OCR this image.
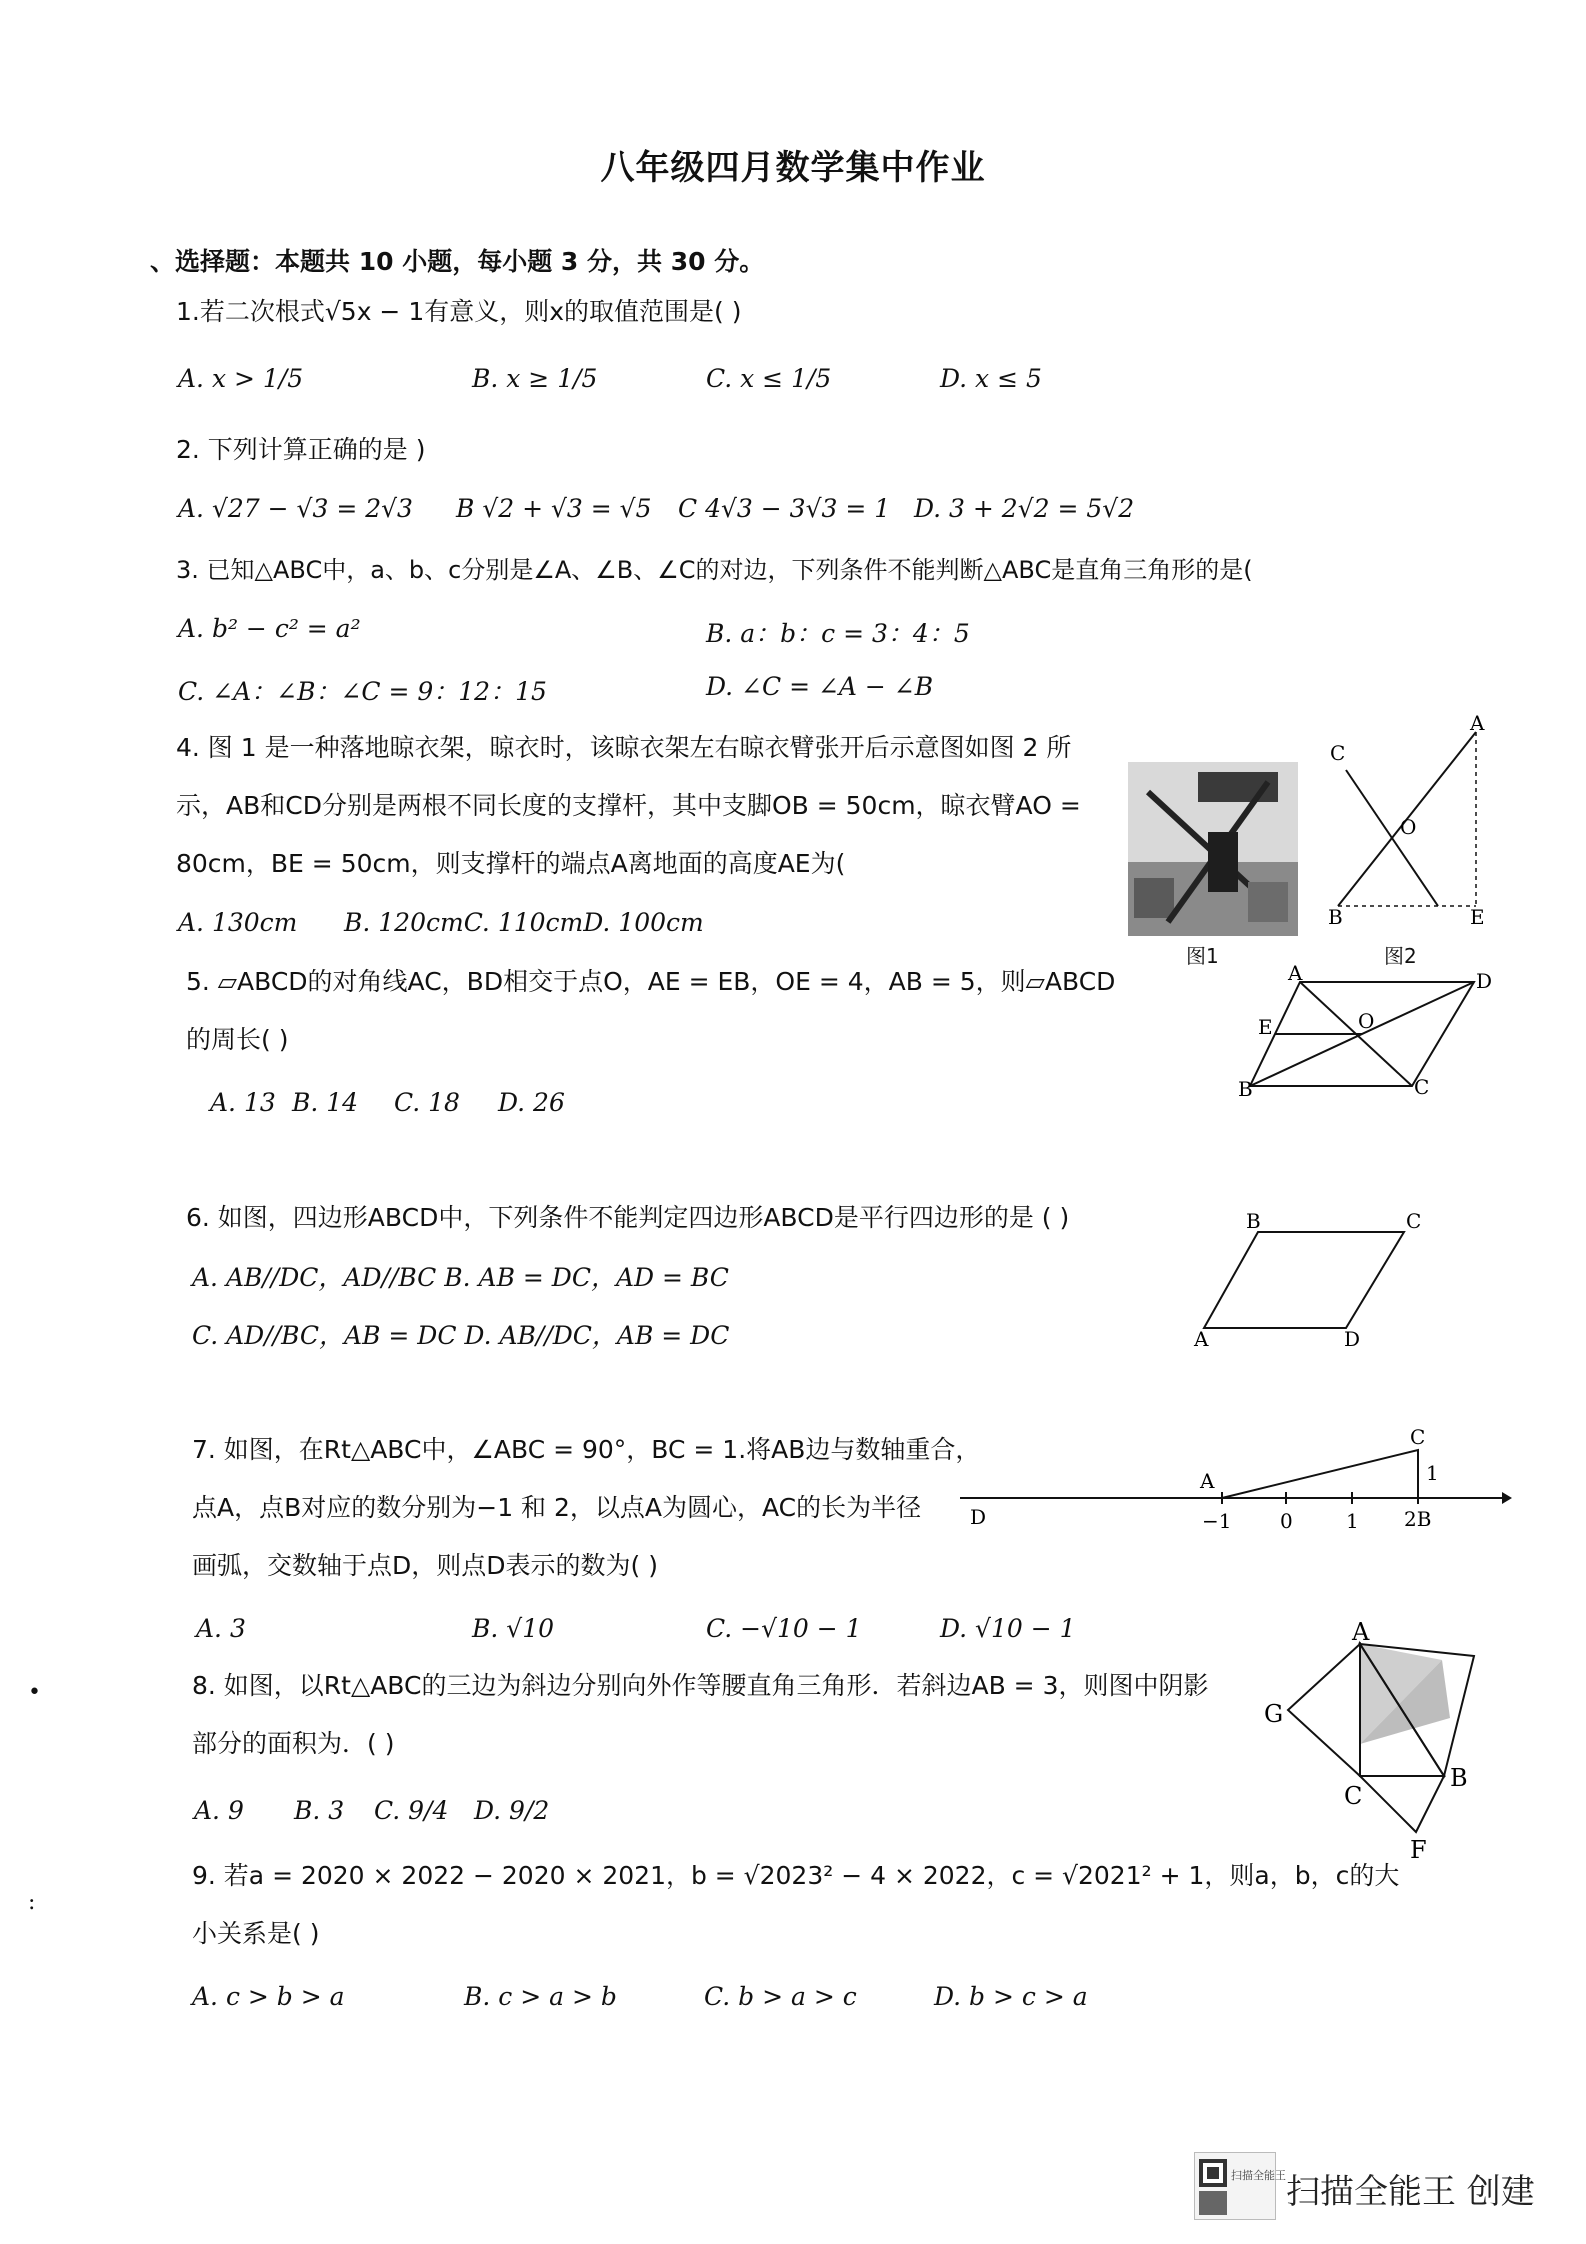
八年级四月数学集中作业
、选择题：本题共 10 小题，每小题 3 分，共 30 分。
1.若二次根式√5x − 1有意义，则x的取值范围是( )
A. x > 1/5	B. x ≥ 1/5	C. x ≤ 1/5	D. x ≤ 5
2. 下列计算正确的是 )
A. √27 − √3 = 2√3 B √2 + √3 = √5 C 4√3 − 3√3 = 1 D. 3 + 2√2 = 5√2
3. 已知△ABC中，a、b、c分别是∠A、∠B、∠C的对边，下列条件不能判断△ABC是直角三角形的是(
A. b² − c² = a²	B. a：b：c = 3：4：5
C. ∠A：∠B：∠C = 9：12：15	D. ∠C = ∠A − ∠B
4. 图 1 是一种落地晾衣架，晾衣时，该晾衣架左右晾衣臂张开后示意图如图 2 所
示，AB和CD分别是两根不同长度的支撑杆，其中支脚OB = 50cm，晾衣臂AO =
80cm，BE = 50cm，则支撑杆的端点A离地面的高度AE为(
A. 130cm B. 120cmC. 110cmD. 100cm
图1
C
O
A
B	E
图2
5. ▱ABCD的对角线AC，BD相交于点O，AE = EB，OE = 4，AB = 5，则▱ABCD
的周长( )
A. 13 B. 14 C. 18 D. 26
A	D
E	O
B	C
6. 如图，四边形ABCD中，下列条件不能判定四边形ABCD是平行四边形的是 ( )
A. AB//DC，AD//BC B. AB = DC，AD = BC
C. AD//BC，AB = DC D. AB//DC，AB = DC
B	C
A	D
7. 如图，在Rt△ABC中，∠ABC = 90°，BC = 1.将AB边与数轴重合，
点A，点B对应的数分别为−1 和 2，以点A为圆心，AC的长为半径
画弧，交数轴于点D，则点D表示的数为( )
A. 3	B. √10	C. −√10 − 1	D. √10 − 1
C
A	1
D	−1 0	1 2B
8. 如图，以Rt△ABC的三边为斜边分别向外作等腰直角三角形．若斜边AB = 3，则图中阴影
部分的面积为．( )
A. 9 B. 3 C. 9/4 D. 9/2
A
G
B
C
F
9. 若a = 2020 × 2022 − 2020 × 2021，b = √2023² − 4 × 2022，c = √2021² + 1，则a，b，c的大
小关系是( )
A. c > b > a	B. c > a > b	C. b > a > c	D. b > c > a
•
:
扫描全能王 扫描全能王 创建
